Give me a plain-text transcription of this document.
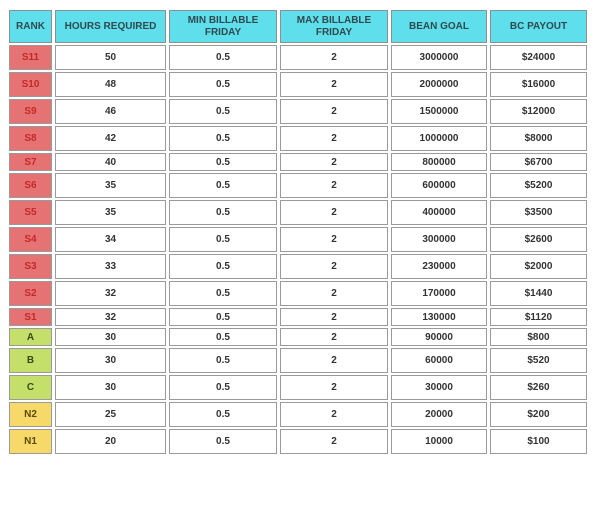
RANK	HOURS REQUIRED	MIN BILLABLE FRIDAY	MAX BILLABLE FRIDAY	BEAN GOAL	BC PAYOUT
S11	50	0.5	2	3000000	$24000
S10	48	0.5	2	2000000	$16000
S9	46	0.5	2	1500000	$12000
S8	42	0.5	2	1000000	$8000
S7	40	0.5	2	800000	$6700
S6	35	0.5	2	600000	$5200
S5	35	0.5	2	400000	$3500
S4	34	0.5	2	300000	$2600
S3	33	0.5	2	230000	$2000
S2	32	0.5	2	170000	$1440
S1	32	0.5	2	130000	$1120
A	30	0.5	2	90000	$800
B	30	0.5	2	60000	$520
C	30	0.5	2	30000	$260
N2	25	0.5	2	20000	$200
N1	20	0.5	2	10000	$100
